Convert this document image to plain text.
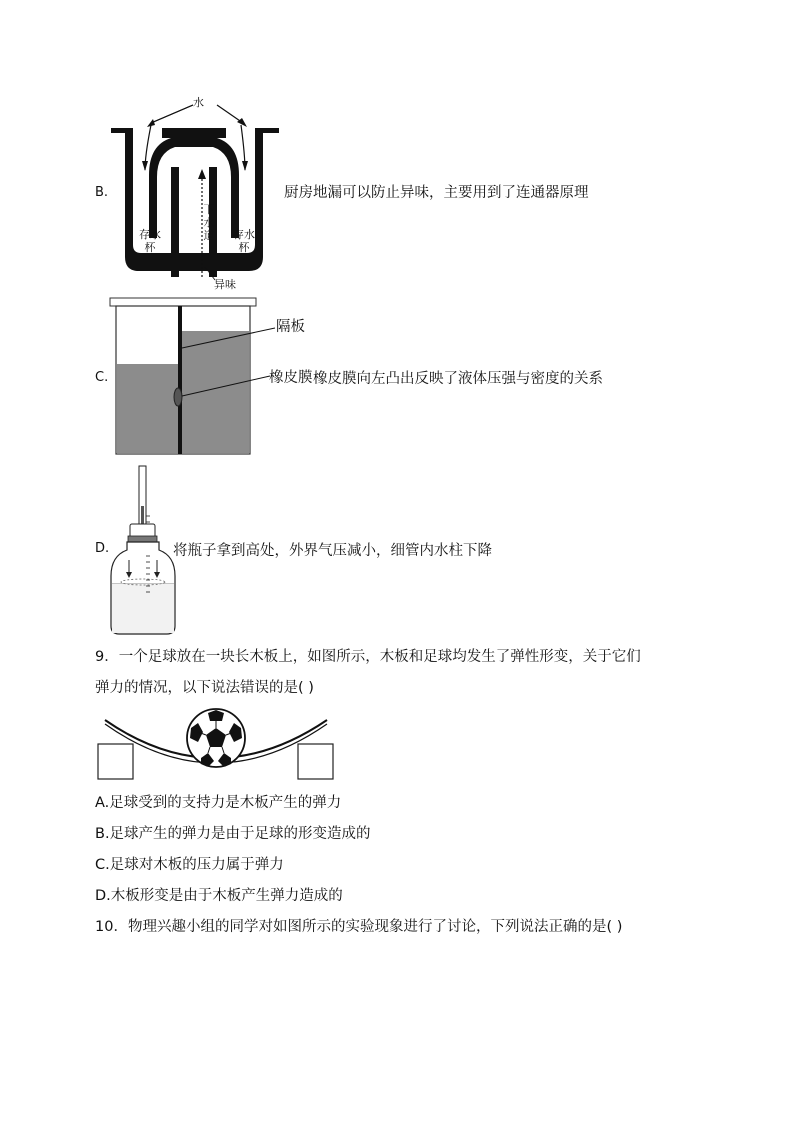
B.
水
存水杯
存水杯
下水道
异味
厨房地漏可以防止异味，主要用到了连通器原理
C.
隔板
橡皮膜 橡皮膜向左凸出反映了液体压强与密度的关系
D.	将瓶子拿到高处，外界气压减小，细管内水柱下降
9．一个足球放在一块长木板上，如图所示，木板和足球均发生了弹性形变，关于它们
弹力的情况，以下说法错误的是( )
A.足球受到的支持力是木板产生的弹力
B.足球产生的弹力是由于足球的形变造成的
C.足球对木板的压力属于弹力
D.木板形变是由于木板产生弹力造成的
10．物理兴趣小组的同学对如图所示的实验现象进行了讨论，下列说法正确的是( )
